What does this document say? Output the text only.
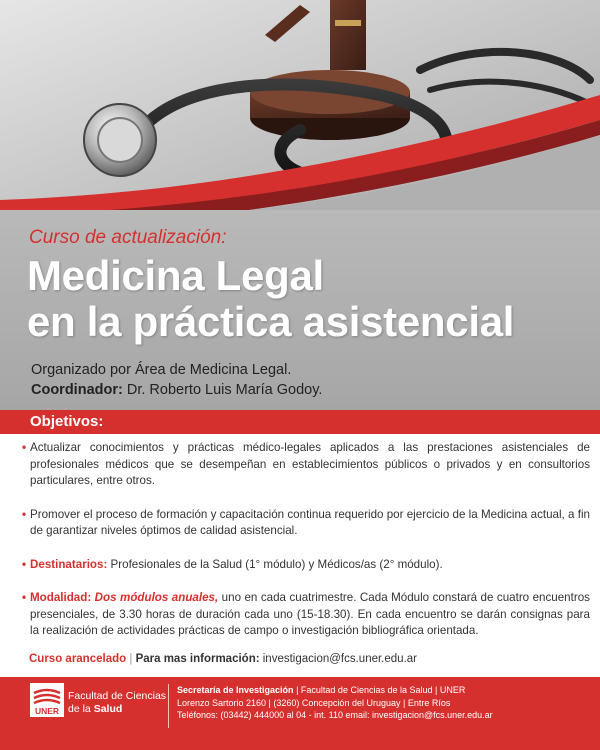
Curso de actualización:
Medicina Legal
en la práctica asistencial
Organizado por Área de Medicina Legal.
Coordinador: Dr. Roberto Luis María Godoy.
Objetivos:
• Actualizar conocimientos y prácticas médico-legales aplicados a las prestaciones asistenciales de profesionales médicos que se desempeñan en establecimientos públicos o privados y en consultorios particulares, entre otros.
• Promover el proceso de formación y capacitación continua requerido por ejercicio de la Medicina actual, a fin de garantizar niveles óptimos de calidad asistencial.
• Destinatarios: Profesionales de la Salud (1° módulo) y Médicos/as (2° módulo).
• Modalidad: Dos módulos anuales, uno en cada cuatrimestre. Cada Módulo constará de cuatro encuentros presenciales, de 3.30 horas de duración cada uno (15-18.30). En cada encuentro se darán consignas para la realización de actividades prácticas de campo o investigación bibliográfica orientada.
Curso arancelado | Para mas información: investigacion@fcs.uner.edu.ar
UNER
Facultad de Ciencias
de la Salud
Secretaría de Investigación | Facultad de Ciencias de la Salud | UNER
Lorenzo Sartorio 2160 | (3260) Concepción del Uruguay | Entre Ríos
Teléfonos: (03442) 444000 al 04 - int. 110 email: investigacion@fcs.uner.edu.ar
